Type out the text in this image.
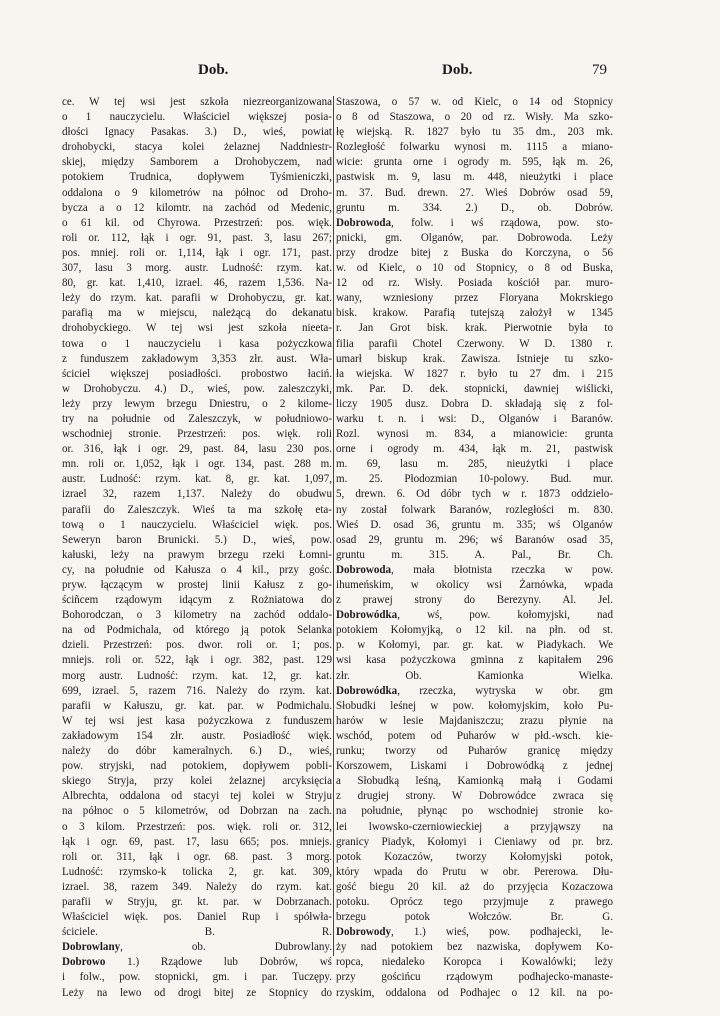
Dob.	Dob.	79
ce. W tej wsi jest szkoła niezreorganizowana
o 1 nauczycielu. Właściciel większej posia-
dłości Ignacy Pasakas. 3.) D., wieś, powiat
drohobycki, stacya kolei żelaznej Naddniestr-
skiej, między Samborem a Drohobyczem, nad
potokiem Trudnica, dopływem Tyśmieniczki,
oddalona o 9 kilometrów na północ od Droho-
bycza a o 12 kilomtr. na zachód od Medenic,
o 61 kil. od Chyrowa. Przestrzeń: pos. więk.
roli or. 112, łąk i ogr. 91, past. 3, lasu 267;
pos. mniej. roli or. 1,114, łąk i ogr. 171, past.
307, lasu 3 morg. austr. Ludność: rzym. kat.
80, gr. kat. 1,410, izrael. 46, razem 1,536. Na-
leży do rzym. kat. parafii w Drohobyczu, gr. kat.
parafią ma w miejscu, należącą do dekanatu
drohobyckiego. W tej wsi jest szkoła nieeta-
towa o 1 nauczycielu i kasa pożyczkowa
z funduszem zakładowym 3,353 złr. aust. Wła-
ściciel większej posiadłości. probostwo łaciń.
w Drohobyczu. 4.) D., wieś, pow. zaleszczyki,
leży przy lewym brzegu Dniestru, o 2 kilome-
try na południe od Zaleszczyk, w południowo-
wschodniej stronie. Przestrzeń: pos. więk. roli
or. 316, łąk i ogr. 29, past. 84, lasu 230 pos.
mn. roli or. 1,052, łąk i ogr. 134, past. 288 m.
austr. Ludność: rzym. kat. 8, gr. kat. 1,097,
izrael 32, razem 1,137. Należy do obudwu
parafii do Zaleszczyk. Wieś ta ma szkołę eta-
tową o 1 nauczycielu. Właściciel więk. pos.
Seweryn baron Brunicki. 5.) D., wieś, pow.
kałuski, leży na prawym brzegu rzeki Łomni-
cy, na południe od Kałusza o 4 kil., przy gośc.
pryw. łączącym w prostej linii Kałusz z go-
ściñcem rządowym idącym z Rożniatowa do
Bohorodczan, o 3 kilometry na zachód oddalo-
na od Podmichala, od którego ją potok Selanka
dzieli. Przestrzeń: pos. dwor. roli or. 1; pos.
mniejs. roli or. 522, łąk i ogr. 382, past. 129
morg austr. Ludność: rzym. kat. 12, gr. kat.
699, izrael. 5, razem 716. Należy do rzym. kat.
parafii w Kałuszu, gr. kat. par. w Podmichalu.
W tej wsi jest kasa pożyczkowa z funduszem
zakładowym 154 złr. austr. Posiadłość więk.
należy do dóbr kameralnych. 6.) D., wieś,
pow. stryjski, nad potokiem, dopływem pobli-
skiego Stryja, przy kolei żelaznej arcyksięcia
Albrechta, oddalona od stacyi tej kolei w Stryju
na północ o 5 kilometrów, od Dobrzan na zach.
o 3 kilom. Przestrzeń: pos. więk. roli or. 312,
łąk i ogr. 69, past. 17, lasu 665; pos. mniejs.
roli or. 311, łąk i ogr. 68. past. 3 morg.
Ludność: rzymsko-k tolicka 2, gr. kat. 309,
izrael. 38, razem 349. Należy do rzym. kat.
parafii w Stryju, gr. kt. par. w Dobrzanach.
Właściciel więk. pos. Daniel Rup i spółwła-
ściciele. B. R.
Dobrowlany, ob. Dubrowlany.
Dobrowo 1.) Rządowe lub Dobrów, wś
i folw., pow. stopnicki, gm. i par. Tuczępy.
Leży na lewo od drogi bitej ze Stopnicy do
Staszowa, o 57 w. od Kielc, o 14 od Stopnicy
o 8 od Staszowa, o 20 od rz. Wisły. Ma szko-
łę wiejską. R. 1827 było tu 35 dm., 203 mk.
Rozległość folwarku wynosi m. 1115 a miano-
wicie: grunta orne i ogrody m. 595, łąk m. 26,
pastwisk m. 9, lasu m. 448, nieużytki i place
m. 37. Bud. drewn. 27. Wieś Dobrów osad 59,
gruntu m. 334. 2.) D., ob. Dobrów.
Dobrowoda, folw. i wś rządowa, pow. sto-
pnicki, gm. Olganów, par. Dobrowoda. Leży
przy drodze bitej z Buska do Korczyna, o 56
w. od Kielc, o 10 od Stopnicy, o 8 od Buska,
12 od rz. Wisły. Posiada kościół par. muro-
wany, wzniesiony przez Floryana Mokrskiego
bisk. krakow. Parafią tutejszą założył w 1345
r. Jan Grot bisk. krak. Pierwotnie była to
filia parafii Chotel Czerwony. W D. 1380 r.
umarł biskup krak. Zawisza. Istnieje tu szko-
ła wiejska. W 1827 r. było tu 27 dm. i 215
mk. Par. D. dek. stopnicki, dawniej wiślicki,
liczy 1905 dusz. Dobra D. składają się z fol-
warku t. n. i wsi: D., Olganów i Baranów.
Rozl. wynosi m. 834, a mianowicie: grunta
orne i ogrody m. 434, łąk m. 21, pastwisk
m. 69, lasu m. 285, nieużytki i place
m. 25. Płodozmian 10-polowy. Bud. mur.
5, drewn. 6. Od dóbr tych w r. 1873 oddzielo-
ny został folwark Baranów, rozległości m. 830.
Wieś D. osad 36, gruntu m. 335; wś Olganów
osad 29, gruntu m. 296; wś Baranów osad 35,
gruntu m. 315. A. Pal., Br. Ch.
Dobrowoda, mała błotnista rzeczka w pow.
ihumeńskim, w okolicy wsi Żarnówka, wpada
z prawej strony do Berezyny. Al. Jel.
Dobrowódka, wś, pow. kołomyjski, nad
potokiem Kołomyjką, o 12 kil. na płn. od st.
p. w Kołomyi, par. gr. kat. w Piadykach. We
wsi kasa pożyczkowa gminna z kapitałem 296
złr. Ob. Kamionka Wielka.
Dobrowódka, rzeczka, wytryska w obr. gm
Słobudki leśnej w pow. kołomyjskim, koło Pu-
harów w lesie Majdaniszczu; zrazu płynie na
wschód, potem od Puharów w płd.-wsch. kie-
runku; tworzy od Puharów granicę między
Korszowem, Liskami i Dobrowódką z jednej
a Słobudką leśną, Kamionką małą i Godami
z drugiej strony. W Dobrowódce zwraca się
na południe, płynąc po wschodniej stronie ko-
lei lwowsko-czerniowieckiej a przyjąwszy na
granicy Piadyk, Kołomyi i Cieniawy od pr. brz.
potok Kozaczów, tworzy Kołomyjski potok,
który wpada do Prutu w obr. Pererowa. Dłu-
gość biegu 20 kil. aż do przyjęcia Kozaczowa
potoku. Oprócz tego przyjmuje z prawego
brzegu potok Wołczów. Br. G.
Dobrowody, 1.) wieś, pow. podhajecki, le-
ży nad potokiem bez nazwiska, dopływem Ko-
ropca, niedaleko Koropca i Kowalówki; leży
przy gościńcu rządowym podhajecko-manaste-
rzyskim, oddalona od Podhajec o 12 kil. na po-
